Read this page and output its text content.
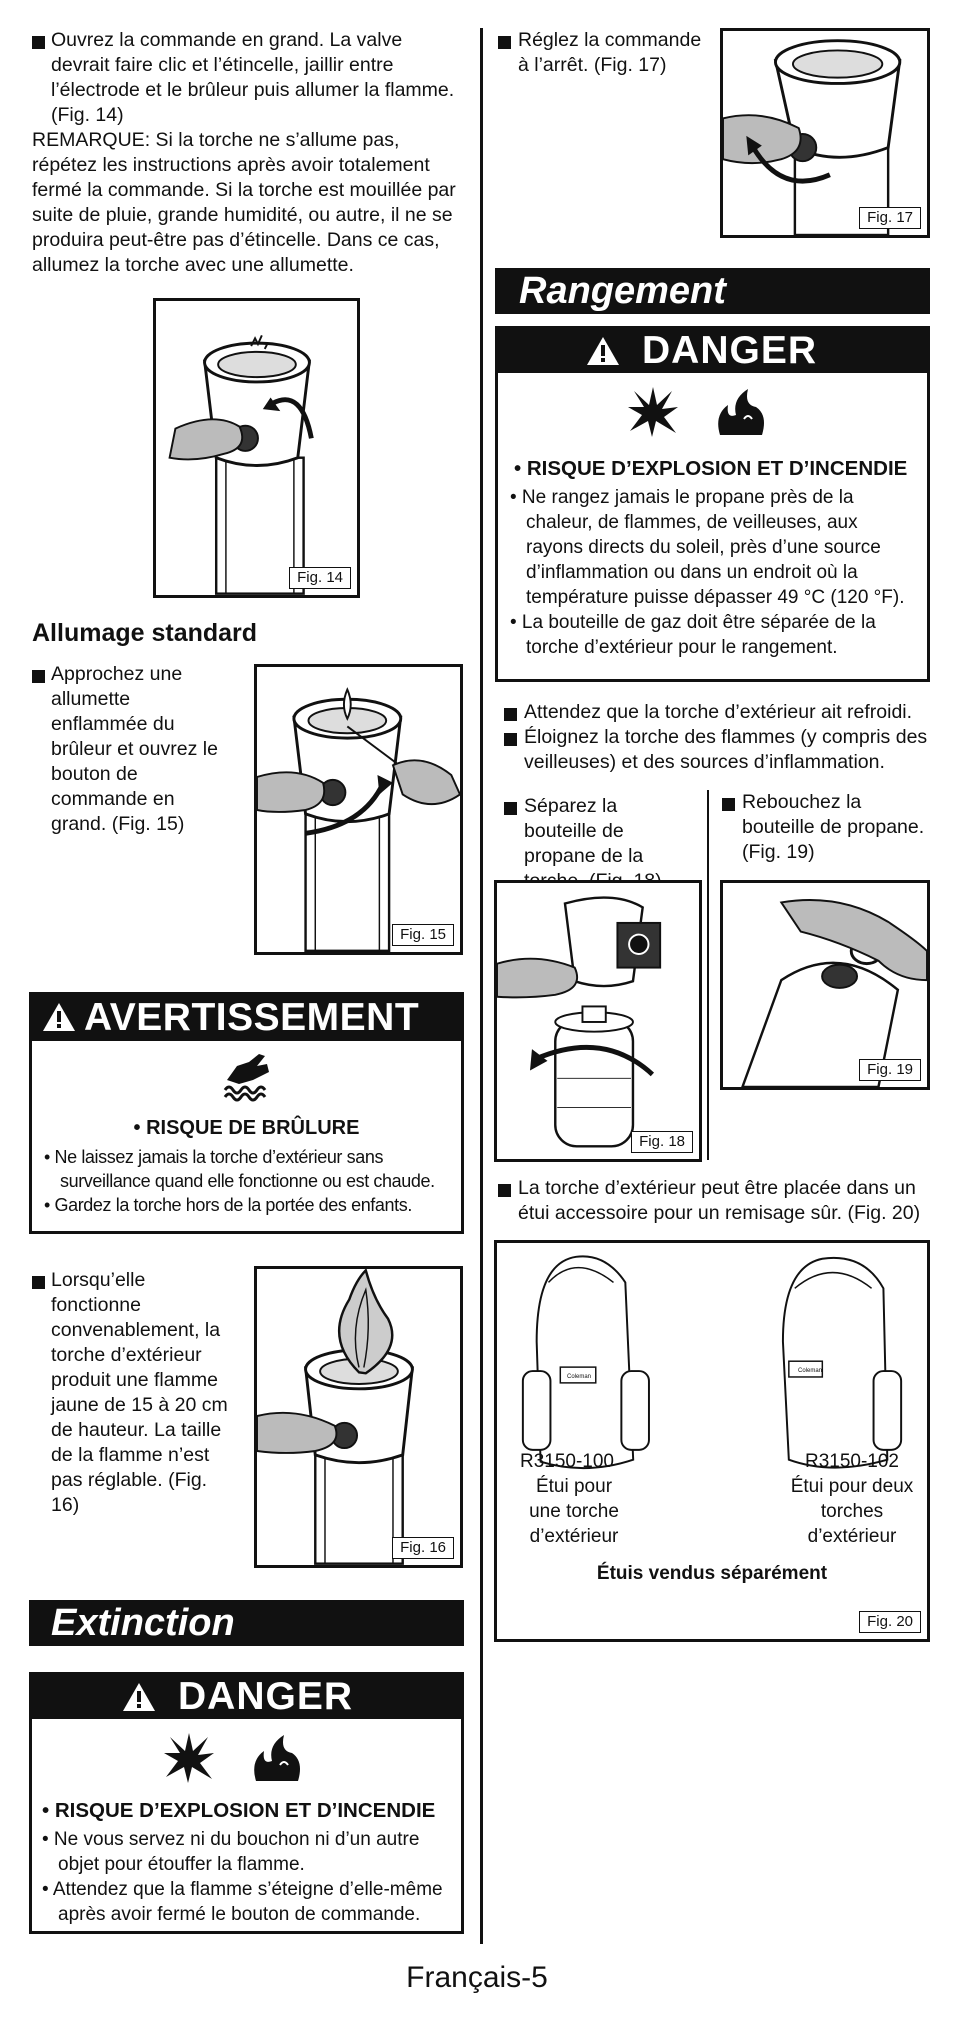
Ouvrez la commande en grand. La valve devrait faire clic et l’étincelle, jaillir entre l’électrode et le brûleur puis allumer la flamme. (Fig. 14)
REMARQUE: Si la torche ne s’allume pas, répétez les instructions après avoir totalement fermé la commande. Si la torche est mouillée par suite de pluie, grande humidité, ou autre, il ne se produira peut-être pas d’étincelle. Dans ce cas, allumez la torche avec une allumette.
Fig. 14
Allumage standard
Approchez une allumette enflammée du brûleur et ouvrez le bouton de commande en grand. (Fig. 15)
Fig. 15
AVERTISSEMENT
• RISQUE DE BRÛLURE
• Ne laissez jamais la torche d’extérieur sans surveillance quand elle fonctionne ou est chaude.
• Gardez la torche hors de la portée des enfants.
Lorsqu’elle fonctionne convenablement, la torche d’extérieur produit une flamme jaune de 15 à 20 cm de hauteur. La taille de la flamme n’est pas réglable. (Fig. 16)
Fig. 16
Extinction
DANGER
• RISQUE D’EXPLOSION ET D’INCENDIE
• Ne vous servez ni du bouchon ni d’un autre objet pour étouffer la flamme.
• Attendez que la flamme s’éteigne d’elle-même après avoir fermé le bouton de commande.
Réglez la commande à l’arrêt. (Fig. 17)
Fig. 17
Rangement
DANGER
• RISQUE D’EXPLOSION ET D’INCENDIE
• Ne rangez jamais le propane près de la chaleur, de flammes, de veilleuses, aux rayons directs du soleil, près d’une source d’inflammation ou dans un endroit où la température puisse dépasser 49 °C (120 °F).
• La bouteille de gaz doit être séparée de la torche d’extérieur pour le rangement.
Attendez que la torche d’extérieur ait refroidi.
Éloignez la torche des flammes (y compris des veilleuses) et des sources d’inflammation.
Séparez la bouteille de propane de la
Rebouchez la bouteille de propane. (Fig. 19)
Fig. 18
Fig. 19
La torche d’extérieur peut être placée dans un étui accessoire pour un remisage sûr. (Fig. 20)
Coleman
Coleman
R3150-100
Étui pour une torche d’extérieur
R3150-102
Étui pour deux torches d’extérieur
Étuis vendus séparément
Fig. 20
Français-5
